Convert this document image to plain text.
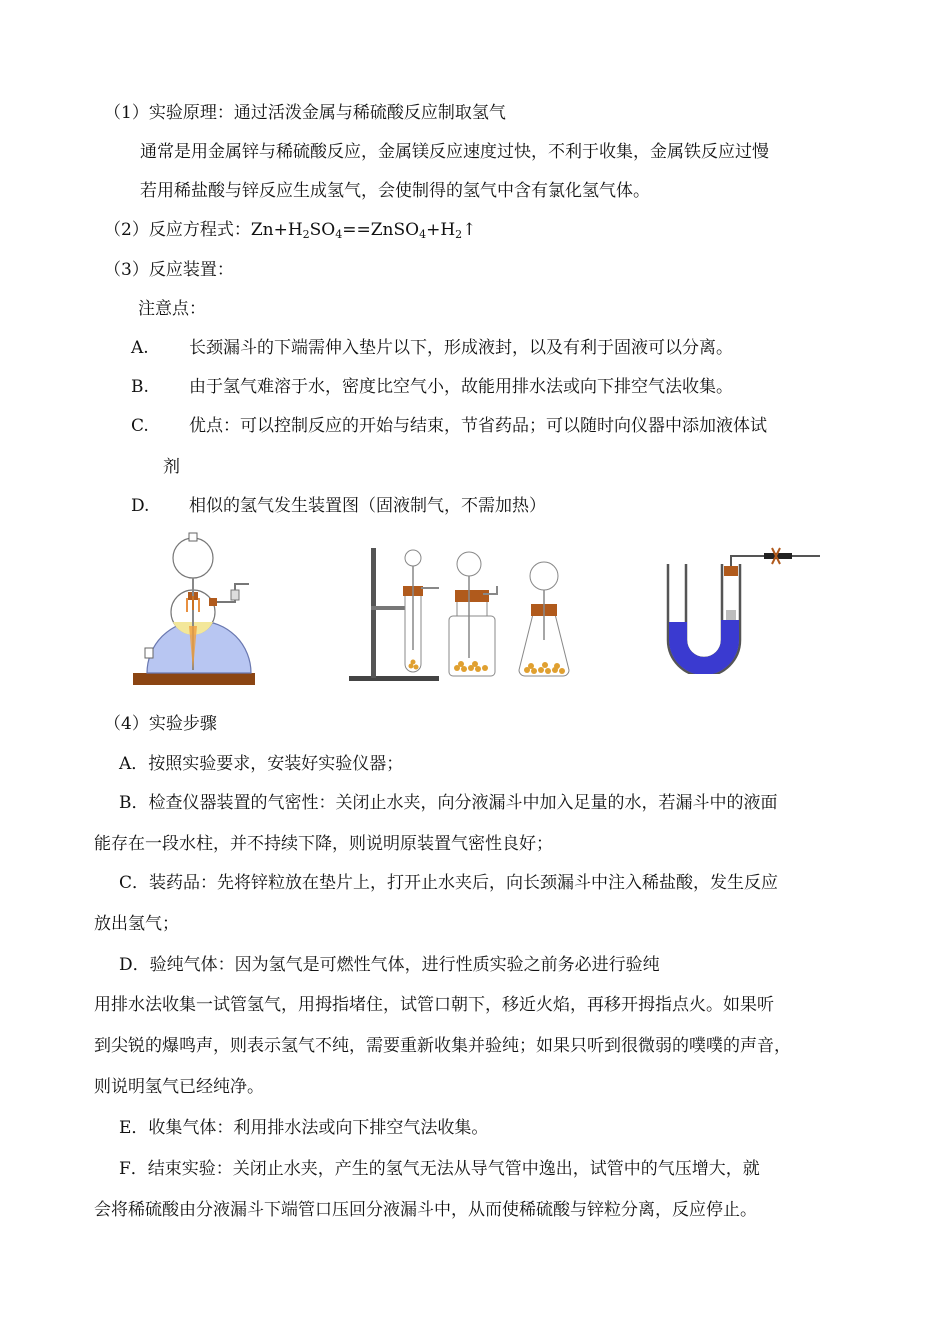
（1）实验原理：通过活泼金属与稀硫酸反应制取氢气
通常是用金属锌与稀硫酸反应，金属镁反应速度过快，不利于收集，金属铁反应过慢
若用稀盐酸与锌反应生成氢气，会使制得的氢气中含有氯化氢气体。
（2）反应方程式：$Zn+H_2SO_4==ZnSO_4+H_2↑$
（3）反应装置：
注意点：
A. 长颈漏斗的下端需伸入垫片以下，形成液封，以及有利于固液可以分离。
B. 由于氢气难溶于水，密度比空气小，故能用排水法或向下排空气法收集。
C. 优点：可以控制反应的开始与结束，节省药品；可以随时向仪器中添加液体试
剂
D. 相似的氢气发生装置图（固液制气，不需加热）
（4）实验步骤
A．按照实验要求，安装好实验仪器；
B．检查仪器装置的气密性：关闭止水夹，向分液漏斗中加入足量的水，若漏斗中的液面
能存在一段水柱，并不持续下降，则说明原装置气密性良好；
C．装药品：先将锌粒放在垫片上，打开止水夹后，向长颈漏斗中注入稀盐酸，发生反应
放出氢气；
D．验纯气体：因为氢气是可燃性气体，进行性质实验之前务必进行验纯
用排水法收集一试管氢气，用拇指堵住，试管口朝下，移近火焰，再移开拇指点火。如果听
到尖锐的爆鸣声，则表示氢气不纯，需要重新收集并验纯；如果只听到很微弱的噗噗的声音，
则说明氢气已经纯净。
E．收集气体：利用排水法或向下排空气法收集。
F．结束实验：关闭止水夹，产生的氢气无法从导气管中逸出，试管中的气压增大，就
会将稀硫酸由分液漏斗下端管口压回分液漏斗中，从而使稀硫酸与锌粒分离，反应停止。
